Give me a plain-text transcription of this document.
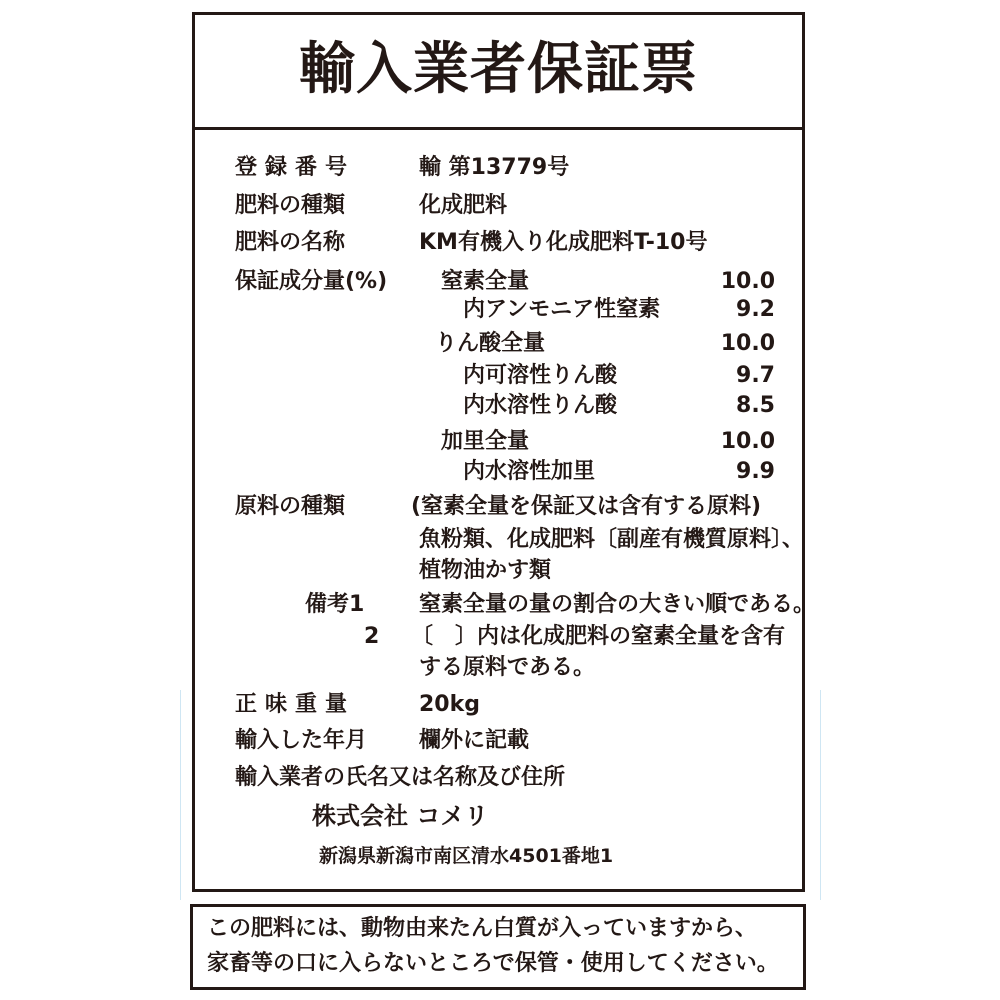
輸入業者保証票
登録番号	輸 第13779号
肥料の種類	化成肥料
肥料の名称	KM有機入り化成肥料T-10号
保証成分量(%) 窒素全量	10.0
内アンモニア性窒素	9.2
りん酸全量	10.0
内可溶性りん酸	9.7
内水溶性りん酸	8.5
加里全量	10.0
内水溶性加里	9.9
原料の種類	(窒素全量を保証又は含有する原料)
魚粉類、化成肥料〔副産有機質原料〕、
植物油かす類
備考1 窒素全量の量の割合の大きい順である。
2 〔　〕内は化成肥料の窒素全量を含有
する原料である。
正味重量	20kg
輸入した年月 欄外に記載
輸入業者の氏名又は名称及び住所
株式会社 コメリ
新潟県新潟市南区清水4501番地1
この肥料には、動物由来たん白質が入っていますから、
家畜等の口に入らないところで保管・使用してください。
